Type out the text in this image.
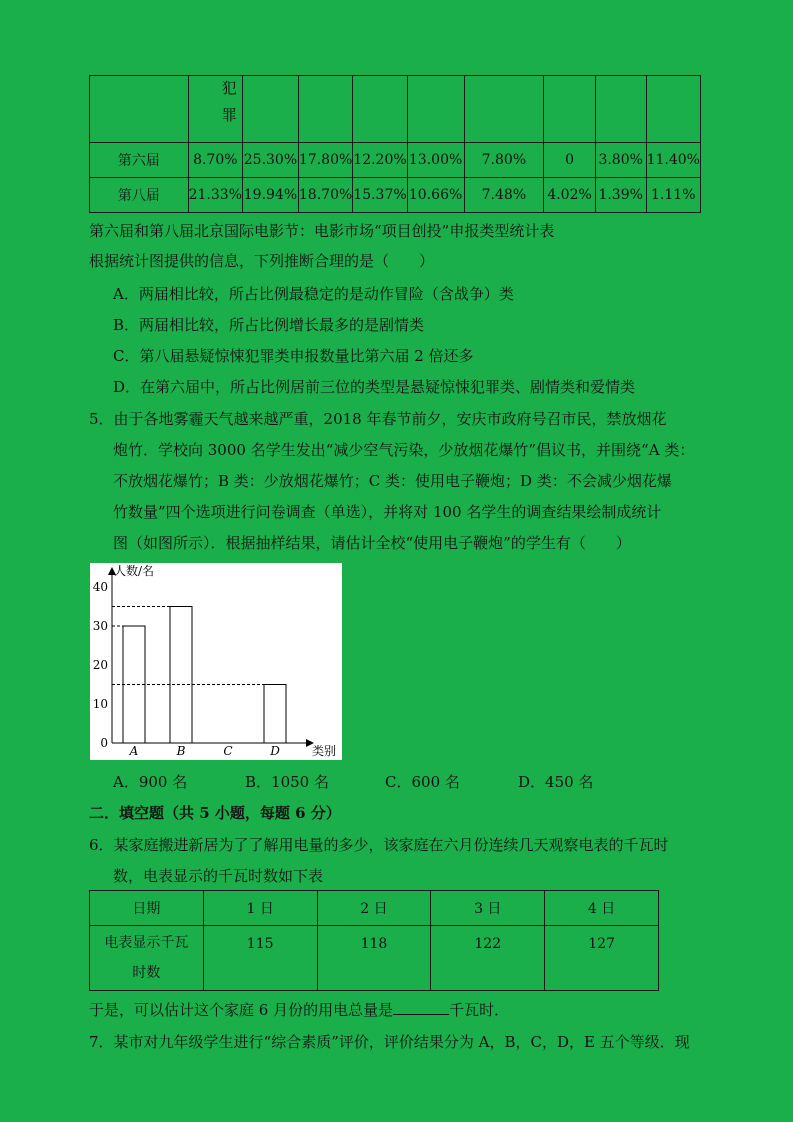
	犯罪								
第六届	8.70%	25.30%	17.80%	12.20%	13.00%	7.80%	0	3.80%	11.40%
第八届	21.33%	19.94%	18.70%	15.37%	10.66%	7.48%	4.02%	1.39%	1.11%
第六届和第八届北京国际电影节：电影市场“项目创投”申报类型统计表
根据统计图提供的信息，下列推断合理的是（　　）
A．两届相比较，所占比例最稳定的是动作冒险（含战争）类
B．两届相比较，所占比例增长最多的是剧情类
C．第八届悬疑惊悚犯罪类申报数量比第六届 2 倍还多
D．在第六届中，所占比例居前三位的类型是悬疑惊悚犯罪类、剧情类和爱情类
5．由于各地雾霾天气越来越严重，2018 年春节前夕，安庆市政府号召市民，禁放烟花
炮竹．学校向 3000 名学生发出“减少空气污染，少放烟花爆竹”倡议书，并围绕“A 类：
不放烟花爆竹；B 类：少放烟花爆竹；C 类：使用电子鞭炮；D 类：不会减少烟花爆
竹数量”四个选项进行问卷调查（单选），并将对 100 名学生的调查结果绘制成统计
图（如图所示）．根据抽样结果，请估计全校“使用电子鞭炮”的学生有（　　）
0
10
20
30
40
A	B	C	D
人数/名
类别
A．900 名	B．1050 名	C．600 名	D．450 名
二．填空题（共 5 小题，每题 6 分）
6．某家庭搬进新居为了了解用电量的多少，该家庭在六月份连续几天观察电表的千瓦时
数，电表显示的千瓦时数如下表
日期	1 日	2 日	3 日	4 日
电表显示千瓦
时数	115	118	122	127
于是，可以估计这个家庭 6 月份的用电总量是	千瓦时．
7．某市对九年级学生进行“综合素质”评价，评价结果分为 A，B，C，D，E 五个等级．现
